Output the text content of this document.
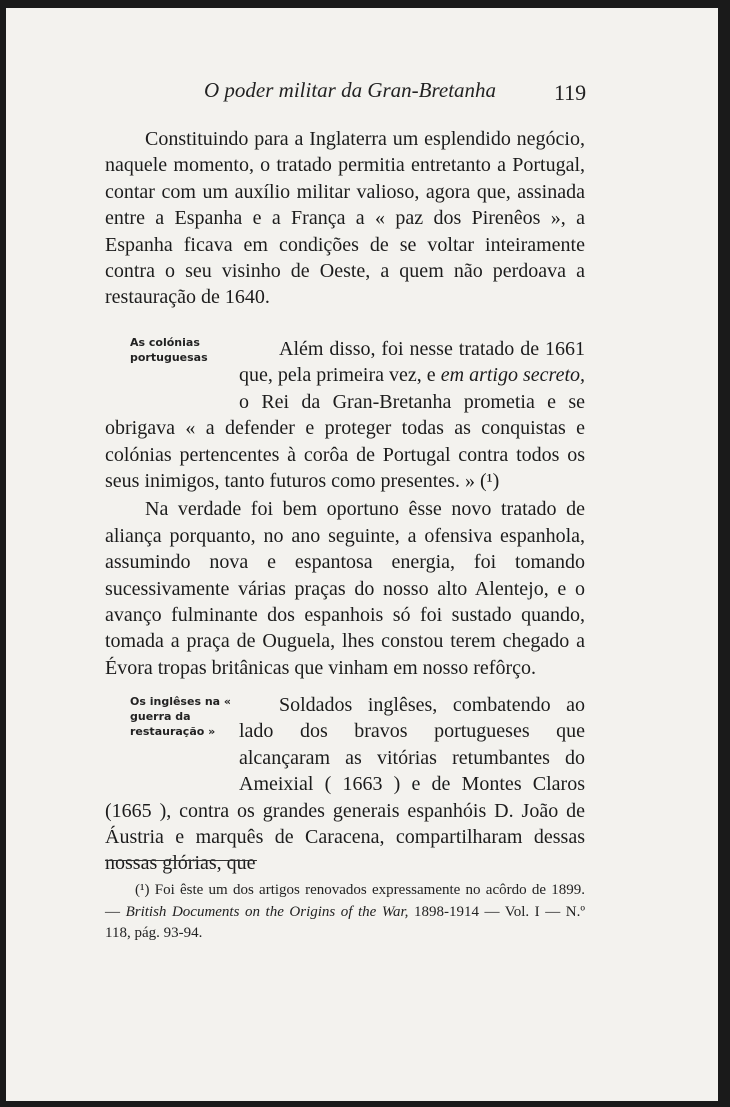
O poder militar da Gran-Bretanha	119

Constituindo para a Inglaterra um esplendido negócio, naquele momento, o tratado permitia entretanto a Portugal, contar com um auxílio militar valioso, agora que, assinada entre a Espanha e a França a « paz dos Pirenêos », a Espanha ficava em condições de se voltar inteiramente contra o seu visinho de Oeste, a quem não perdoava a restauração de 1640.

As colónias portuguesas	Além disso, foi nesse tratado de 1661 que, pela primeira vez, e em artigo secreto, o Rei da Gran-Bretanha prometia e se obrigava « a defender e proteger todas as conquistas e colónias pertencentes à corôa de Portugal contra todos os seus inimigos, tanto futuros como presentes. » (¹)

Na verdade foi bem oportuno êsse novo tratado de aliança porquanto, no ano seguinte, a ofensiva espanhola, assumindo nova e espantosa energia, foi tomando sucessivamente várias praças do nosso alto Alentejo, e o avanço fulminante dos espanhois só foi sustado quando, tomada a praça de Ouguela, lhes constou terem chegado a Évora tropas britânicas que vinham em nosso refôrço.

Os inglêses na « guerra da restauração »

Soldados inglêses, combatendo ao lado dos bravos portugueses que alcançaram as vitórias retumbantes do Ameixial ( 1663 ) e de Montes Claros (1665 ), contra os grandes generais espanhóis D. João de Áustria e marquês de Caracena, compartilharam dessas nossas glórias, que

(¹) Foi êste um dos artigos renovados expressamente no acôrdo de 1899. — British Documents on the Origins of the War, 1898-1914 — Vol. I — N.º 118, pág. 93-94.
